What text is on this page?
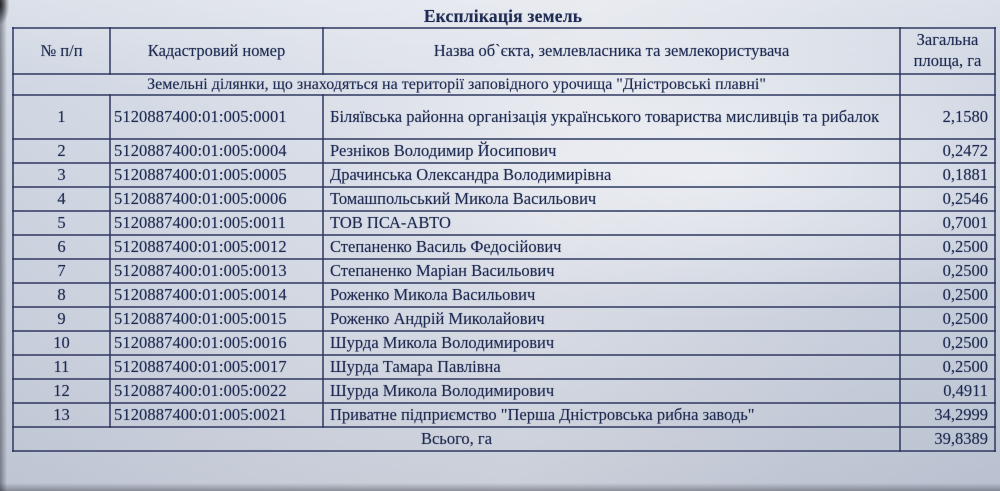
Експлікація земель
№ п/п	Кадастровий номер	Назва об`єкта, землевласника та землекористувача	Загальна площа, га
Земельні ділянки, що знаходяться на території заповідного урочища "Дністровські плавні"			
1	5120887400:01:005:0001	Біляївська районна організація українського товариства мисливців та рибалок	2,1580
2	5120887400:01:005:0004	Резніков Володимир Йосипович	0,2472
3	5120887400:01:005:0005	Драчинська Олександра Володимирівна	0,1881
4	5120887400:01:005:0006	Томашпольський Микола Васильович	0,2546
5	5120887400:01:005:0011	ТОВ ПСА-АВТО	0,7001
6	5120887400:01:005:0012	Степаненко Василь Федосійович	0,2500
7	5120887400:01:005:0013	Степаненко Маріан Васильович	0,2500
8	5120887400:01:005:0014	Роженко Микола Васильович	0,2500
9	5120887400:01:005:0015	Роженко Андрій Миколайович	0,2500
10	5120887400:01:005:0016	Шурда Микола Володимирович	0,2500
11	5120887400:01:005:0017	Шурда Тамара Павлівна	0,2500
12	5120887400:01:005:0022	Шурда Микола Володимирович	0,4911
13	5120887400:01:005:0021	Приватне підприємство "Перша Дністровська рибна заводь"	34,2999
Всього, га			39,8389
